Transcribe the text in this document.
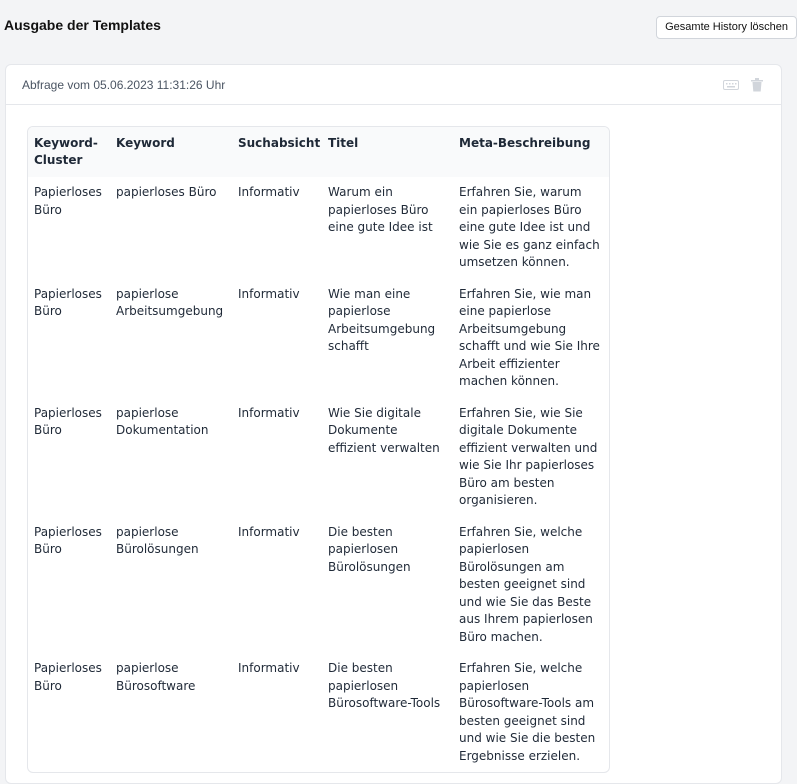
Ausgabe der Templates	Gesamte History löschen
Abfrage vom 05.06.2023 11:31:26 Uhr
Keyword-Cluster	Keyword	Suchabsicht	Titel	Meta-Beschreibung
Papierloses Büro	papierloses Büro	Informativ	Warum ein papierloses Büro eine gute Idee ist	Erfahren Sie, warum ein papierloses Büro eine gute Idee ist und wie Sie es ganz einfach umsetzen können.
Papierloses Büro	papierlose Arbeitsumgebung	Informativ	Wie man eine papierlose Arbeitsumgebung schafft	Erfahren Sie, wie man eine papierlose Arbeitsumgebung schafft und wie Sie Ihre Arbeit effizienter machen können.
Papierloses Büro	papierlose Dokumentation	Informativ	Wie Sie digitale Dokumente effizient verwalten	Erfahren Sie, wie Sie digitale Dokumente effizient verwalten und wie Sie Ihr papierloses Büro am besten organisieren.
Papierloses Büro	papierlose Bürolösungen	Informativ	Die besten papierlosen Bürolösungen	Erfahren Sie, welche papierlosen Bürolösungen am besten geeignet sind und wie Sie das Beste aus Ihrem papierlosen Büro machen.
Papierloses Büro	papierlose Bürosoftware	Informativ	Die besten papierlosen Bürosoftware-Tools	Erfahren Sie, welche papierlosen Bürosoftware-Tools am besten geeignet sind und wie Sie die besten Ergebnisse erzielen.
